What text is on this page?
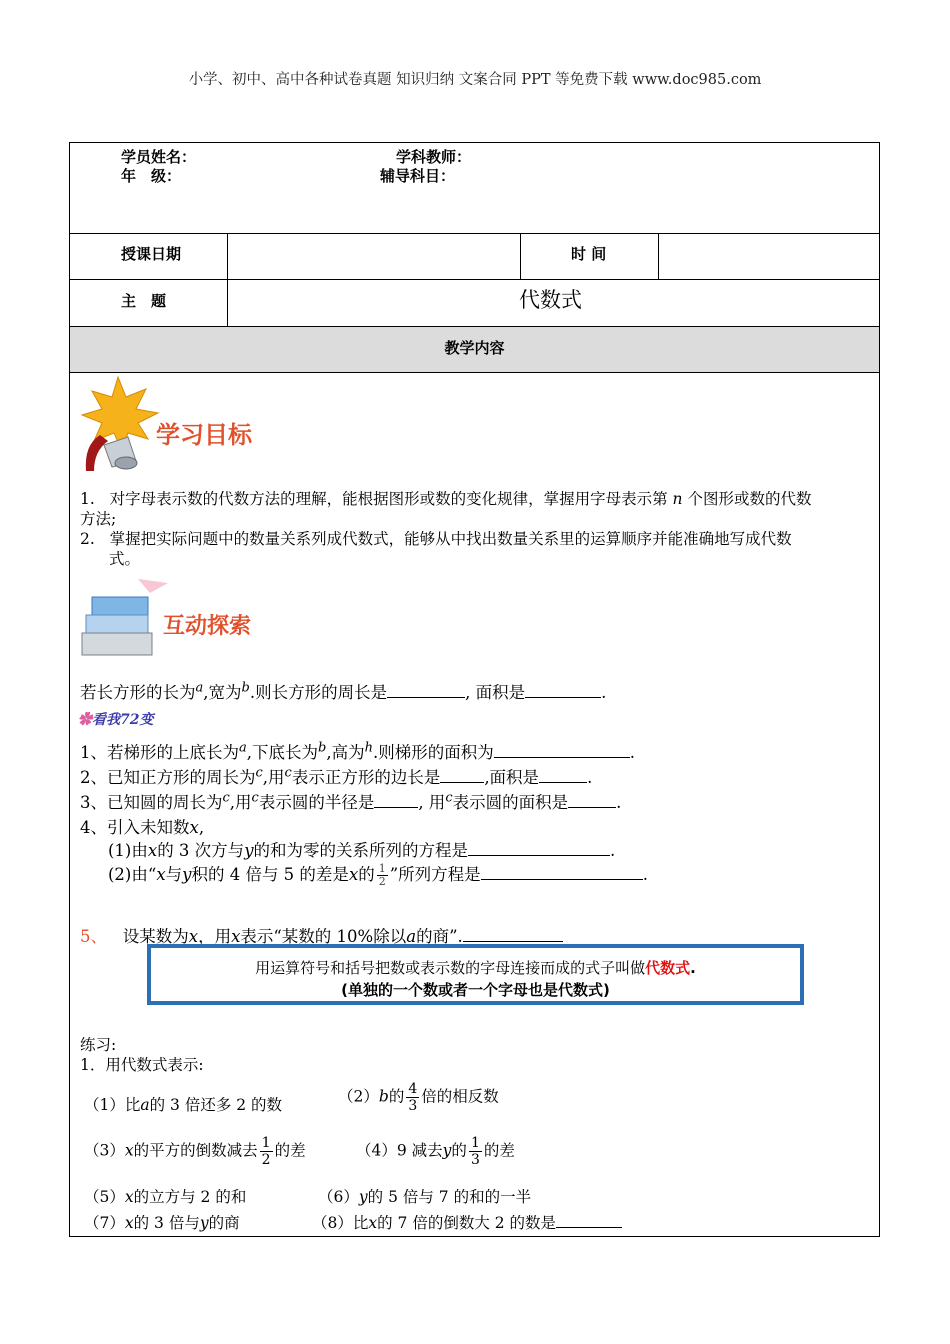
小学、初中、高中各种试卷真题 知识归纳 文案合同 PPT 等免费下载 www.doc985.com
学员姓名：	学科教师：
年　级：	辅导科目：
授课日期	时 间
主　题	代数式
教学内容
学习目标
1. 对字母表示数的代数方法的理解，能根据图形或数的变化规律，掌握用字母表示第 n 个图形或数的代数
方法;
2. 掌握把实际问题中的数量关系列成代数式，能够从中找出数量关系里的运算顺序并能准确地写成代数
式。
互动探索
若长方形的长为$^a$,宽为$^b$.则长方形的周长是	, 面积是	.
✿看我72变
1、若梯形的上底长为$^a$,下底长为$^b$,高为$^h$.则梯形的面积为	.
2、已知正方形的周长为$^c$,用$^c$表示正方形的边长是	,面积是	.
3、已知圆的周长为$^c$,用$^c$表示圆的半径是	, 用$^c$表示圆的面积是	.
4、引入未知数x,
(1)由x的 3 次方与y的和为零的关系所列的方程是	.
(2)由“x与y积的 4 倍与 5 的差是x的 $\frac{1}{2}$ ”所列方程是	.
5、 设某数为x，用x表示“某数的 10%除以a的商”.
用运算符号和括号把数或表示数的字母连接而成的式子叫做代数式.
(单独的一个数或者一个字母也是代数式)
练习:
1．用代数式表示:
（1）比a的 3 倍还多 2 的数	（2）b的 $\frac{4}{3}$ 倍的相反数
（3）x的平方的倒数减去 $\frac{1}{2}$ 的差	（4）9 减去y的 $\frac{1}{3}$ 的差
（5）x的立方与 2 的和	（6）y的 5 倍与 7 的和的一半
（7）x的 3 倍与y的商	（8）比x的 7 倍的倒数大 2 的数是
